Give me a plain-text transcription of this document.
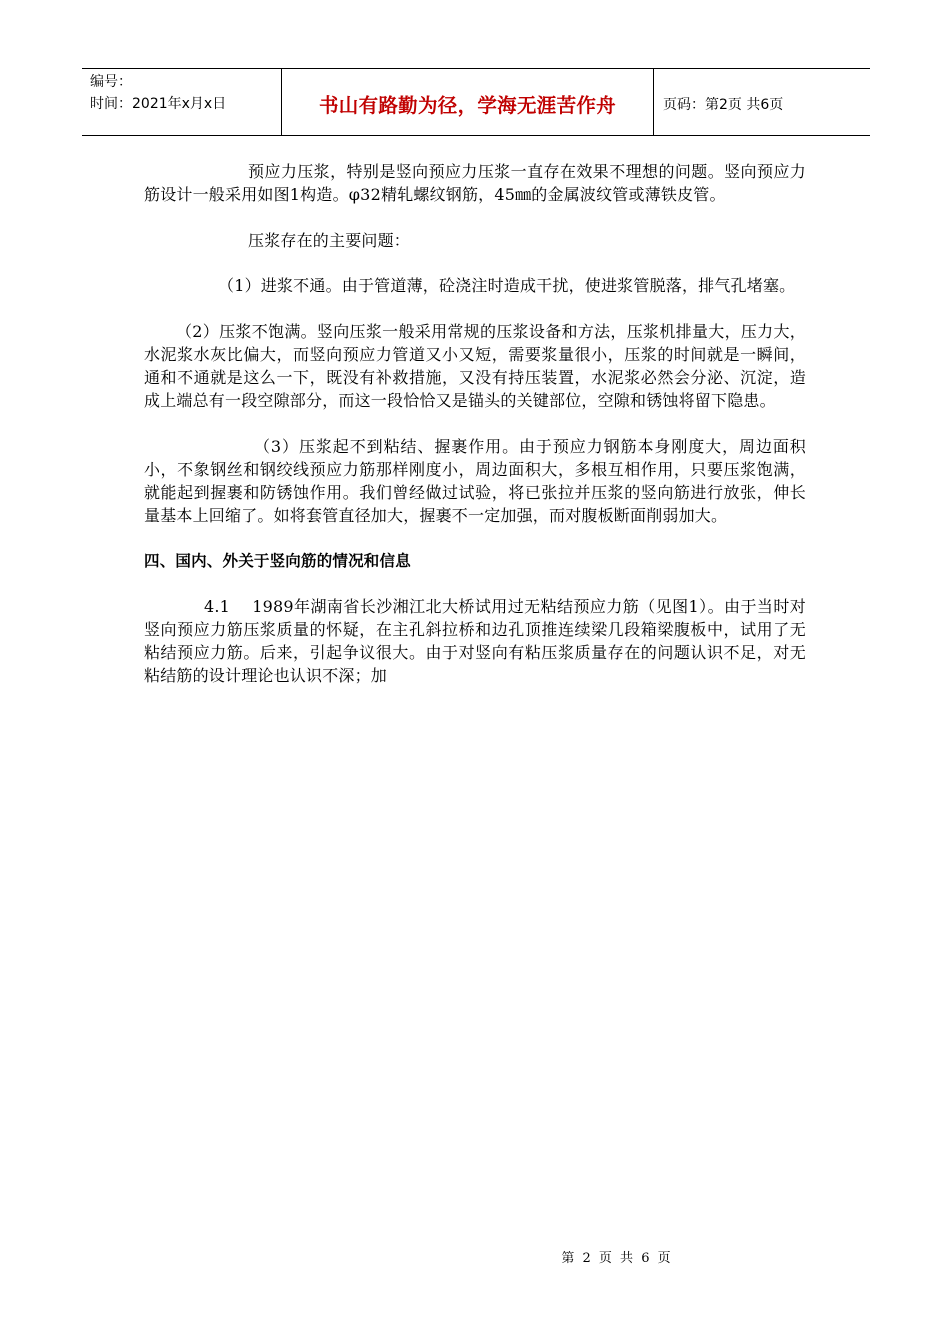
编号：
时间：2021年x月x日	书山有路勤为径，学海无涯苦作舟	页码：第2页 共6页

预应力压浆，特别是竖向预应力压浆一直存在效果不理想的问题。竖向预应力筋设计一般采用如图1构造。φ32精轧螺纹钢筋，45㎜的金属波纹管或薄铁皮管。

压浆存在的主要问题：

（1）进浆不通。由于管道薄，砼浇注时造成干扰，使进浆管脱落，排气孔堵塞。

（2）压浆不饱满。竖向压浆一般采用常规的压浆设备和方法，压浆机排量大，压力大，水泥浆水灰比偏大，而竖向预应力管道又小又短，需要浆量很小，压浆的时间就是一瞬间，通和不通就是这么一下，既没有补救措施，又没有持压装置，水泥浆必然会分泌、沉淀，造成上端总有一段空隙部分，而这一段恰恰又是锚头的关键部位，空隙和锈蚀将留下隐患。

（3）压浆起不到粘结、握裹作用。由于预应力钢筋本身刚度大，周边面积小，不象钢丝和钢绞线预应力筋那样刚度小，周边面积大，多根互相作用，只要压浆饱满，就能起到握裹和防锈蚀作用。我们曾经做过试验，将已张拉并压浆的竖向筋进行放张，伸长量基本上回缩了。如将套管直径加大，握裹不一定加强，而对腹板断面削弱加大。

四、国内、外关于竖向筋的情况和信息

4.1　 1989年湖南省长沙湘江北大桥试用过无粘结预应力筋（见图1）。由于当时对竖向预应力筋压浆质量的怀疑，在主孔斜拉桥和边孔顶推连续梁几段箱梁腹板中，试用了无粘结预应力筋。后来，引起争议很大。由于对竖向有粘压浆质量存在的问题认识不足，对无粘结筋的设计理论也认识不深；加

第 2 页 共 6 页
